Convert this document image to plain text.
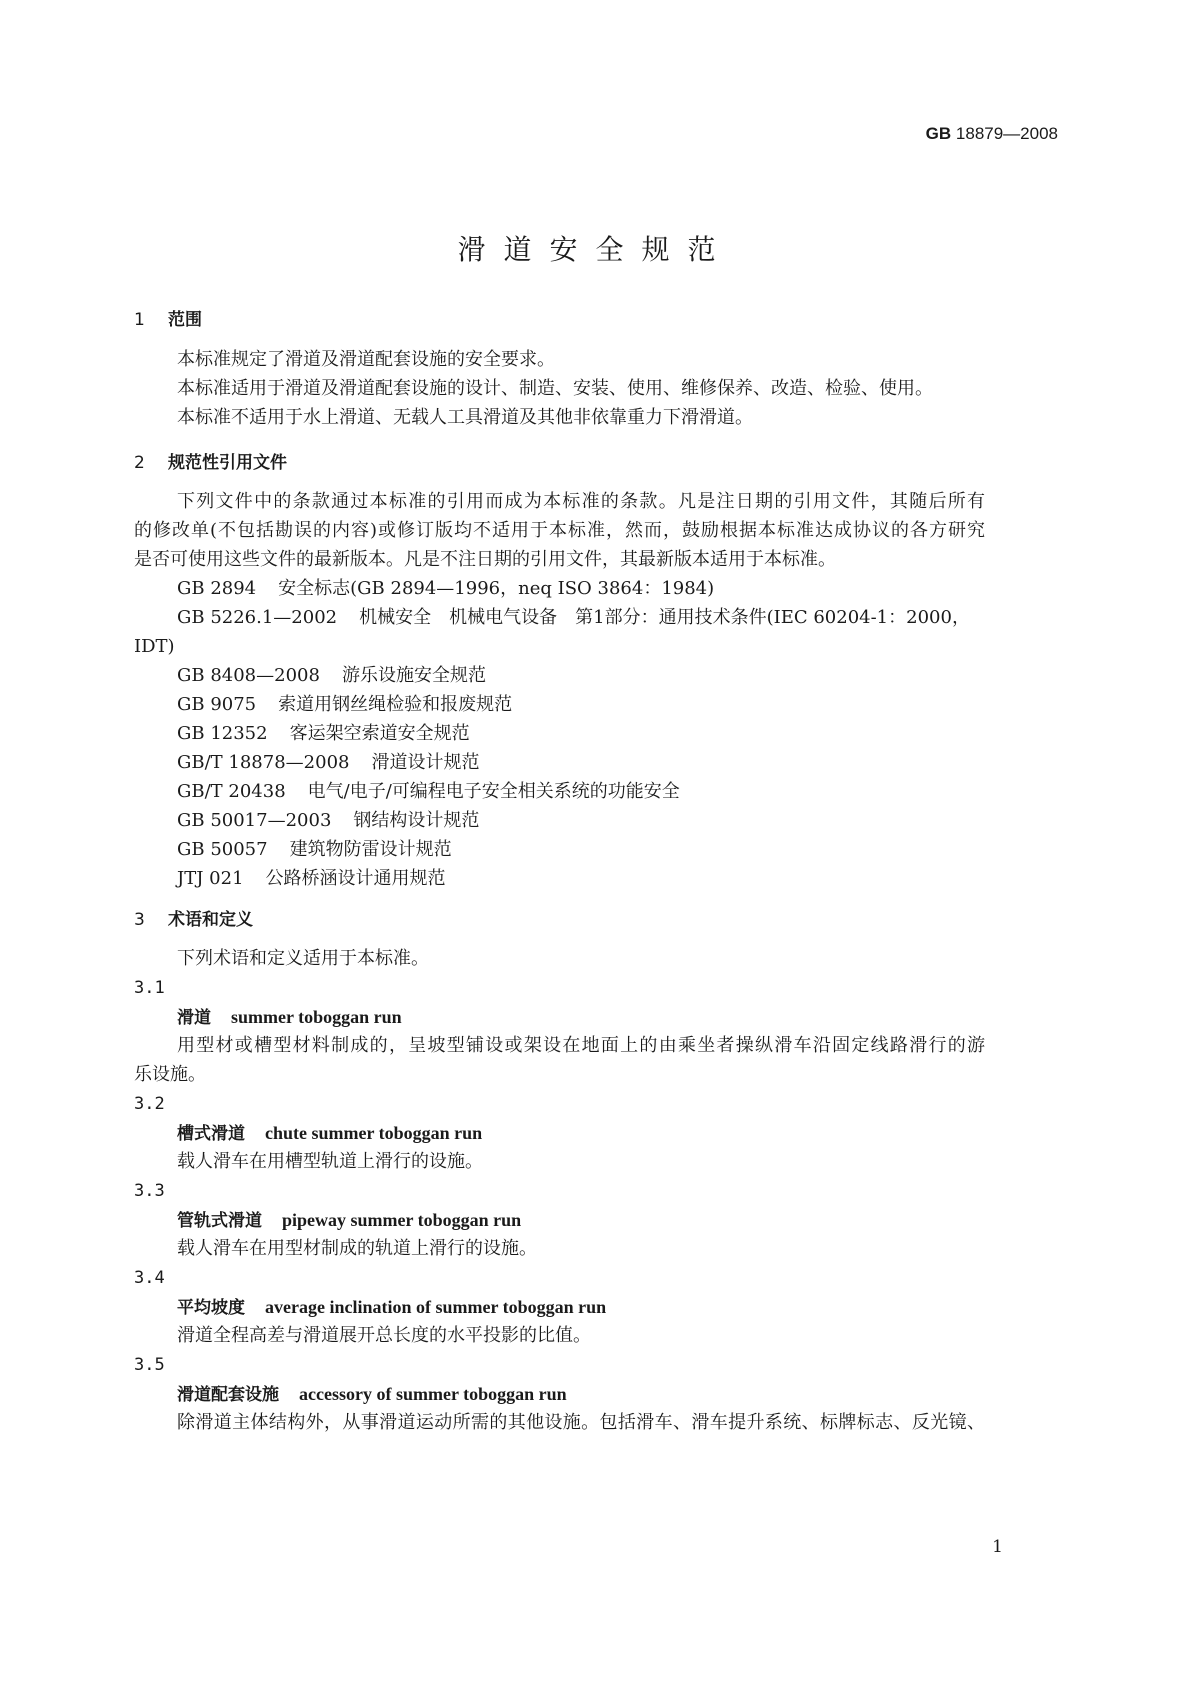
GB 18879—2008
滑道安全规范
1 范围
本标准规定了滑道及滑道配套设施的安全要求。
本标准适用于滑道及滑道配套设施的设计、制造、安装、使用、维修保养、改造、检验、使用。
本标准不适用于水上滑道、无载人工具滑道及其他非依靠重力下滑滑道。
2 规范性引用文件
下列文件中的条款通过本标准的引用而成为本标准的条款。凡是注日期的引用文件，其随后所有
的修改单(不包括勘误的内容)或修订版均不适用于本标准，然而，鼓励根据本标准达成协议的各方研究
是否可使用这些文件的最新版本。凡是不注日期的引用文件，其最新版本适用于本标准。
GB 2894 安全标志(GB 2894—1996，neq ISO 3864：1984)
GB 5226.1—2002 机械安全　机械电气设备　第1部分：通用技术条件(IEC 60204-1：2000，
IDT)
GB 8408—2008 游乐设施安全规范
GB 9075 索道用钢丝绳检验和报废规范
GB 12352 客运架空索道安全规范
GB/T 18878—2008 滑道设计规范
GB/T 20438 电气/电子/可编程电子安全相关系统的功能安全
GB 50017—2003 钢结构设计规范
GB 50057 建筑物防雷设计规范
JTJ 021 公路桥涵设计通用规范
3 术语和定义
下列术语和定义适用于本标准。
3.1
滑道 summer toboggan run
用型材或槽型材料制成的，呈坡型铺设或架设在地面上的由乘坐者操纵滑车沿固定线路滑行的游
乐设施。
3.2
槽式滑道 chute summer toboggan run
载人滑车在用槽型轨道上滑行的设施。
3.3
管轨式滑道 pipeway summer toboggan run
载人滑车在用型材制成的轨道上滑行的设施。
3.4
平均坡度 average inclination of summer toboggan run
滑道全程高差与滑道展开总长度的水平投影的比值。
3.5
滑道配套设施 accessory of summer toboggan run
除滑道主体结构外，从事滑道运动所需的其他设施。包括滑车、滑车提升系统、标牌标志、反光镜、
1
